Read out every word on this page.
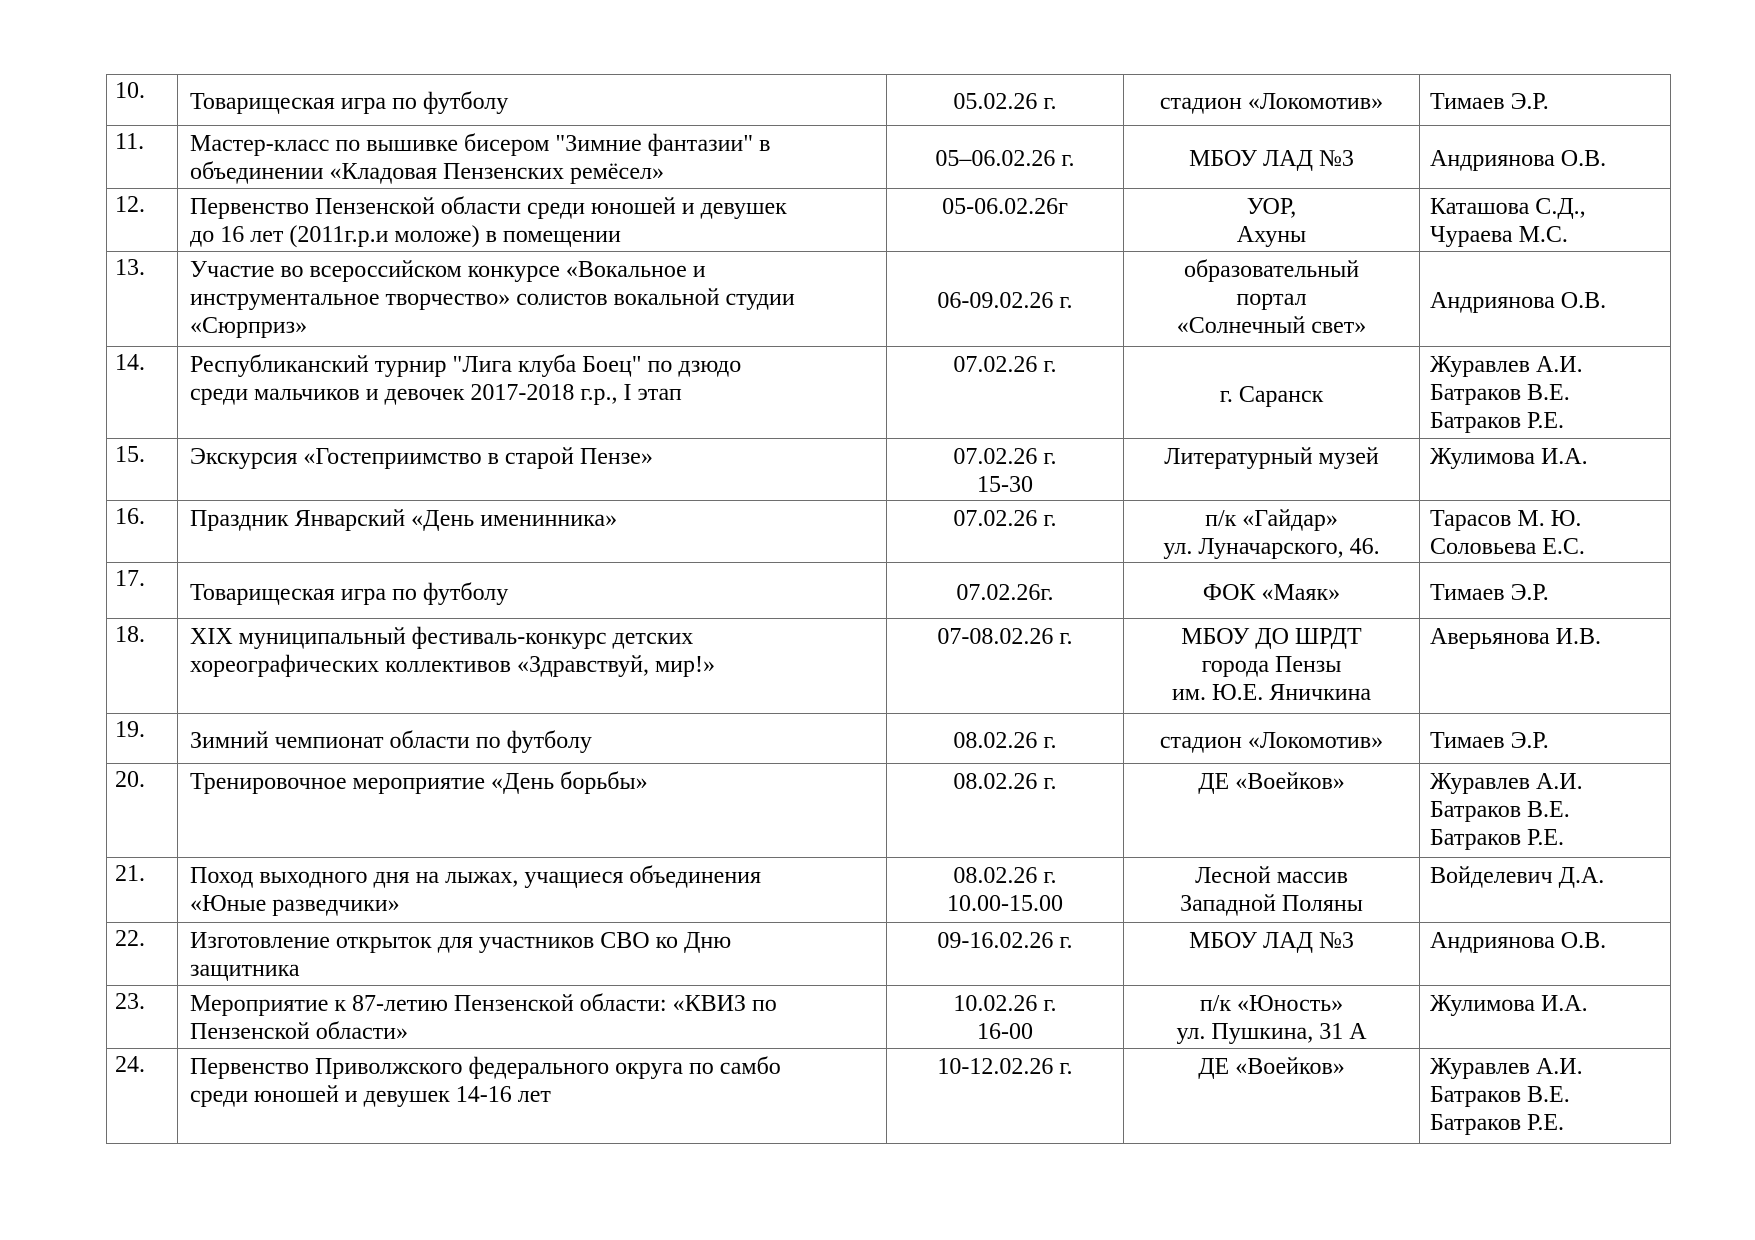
10.	Товарищеская игра по футболу	05.02.26 г.	стадион «Локомотив»	Тимаев Э.Р.

11.	Мастер-класс по вышивке бисером "Зимние фантазии" в
объединении «Кладовая Пензенских ремёсел»	05–06.02.26 г.	МБОУ ЛАД №3	Андриянова О.В.

12.	Первенство Пензенской области среди юношей и девушек
до 16 лет (2011г.р.и моложе) в помещении	05-06.02.26г	УОР,
Ахуны	Каташова С.Д.,
Чураева М.С.

13.	Участие во всероссийском конкурсе «Вокальное и
инструментальное творчество» солистов вокальной студии
«Сюрприз»	06-09.02.26 г.	образовательный
портал
«Солнечный свет»	Андриянова О.В.

14.	Республиканский турнир "Лига клуба Боец" по дзюдо
среди мальчиков и девочек 2017-2018 г.р., I этап	07.02.26 г.	г. Саранск	Журавлев А.И.
Батраков В.Е.
Батраков Р.Е.

15.	Экскурсия «Гостеприимство в старой Пензе»	07.02.26 г.
15-30	Литературный музей	Жулимова И.А.

16.	Праздник Январский «День именинника»	07.02.26 г.	п/к «Гайдар»
ул. Луначарского, 46.	Тарасов М. Ю.
Соловьева Е.С.

17.	Товарищеская игра по футболу	07.02.26г.	ФОК «Маяк»	Тимаев Э.Р.

18.	XIX муниципальный фестиваль-конкурс детских
хореографических коллективов «Здравствуй, мир!»	07-08.02.26 г.	МБОУ ДО ШРДТ
города Пензы
им. Ю.Е. Яничкина	Аверьянова И.В.

19.	Зимний чемпионат области по футболу	08.02.26 г.	стадион «Локомотив»	Тимаев Э.Р.

20.	Тренировочное мероприятие «День борьбы»	08.02.26 г.	ДЕ «Воейков»	Журавлев А.И.
Батраков В.Е.
Батраков Р.Е.

21.	Поход выходного дня на лыжах, учащиеся объединения
«Юные разведчики»	08.02.26 г.
10.00-15.00	Лесной массив
Западной Поляны	Войделевич Д.А.

22.	Изготовление открыток для участников СВО ко Дню
защитника	09-16.02.26 г.	МБОУ ЛАД №3	Андриянова О.В.

23.	Мероприятие к 87-летию Пензенской области: «КВИЗ по
Пензенской области»	10.02.26 г.
16-00	п/к «Юность»
ул. Пушкина, 31 А	Жулимова И.А.

24.	Первенство Приволжского федерального округа по самбо
среди юношей и девушек 14-16 лет	10-12.02.26 г.	ДЕ «Воейков»	Журавлев А.И.
Батраков В.Е.
Батраков Р.Е.
